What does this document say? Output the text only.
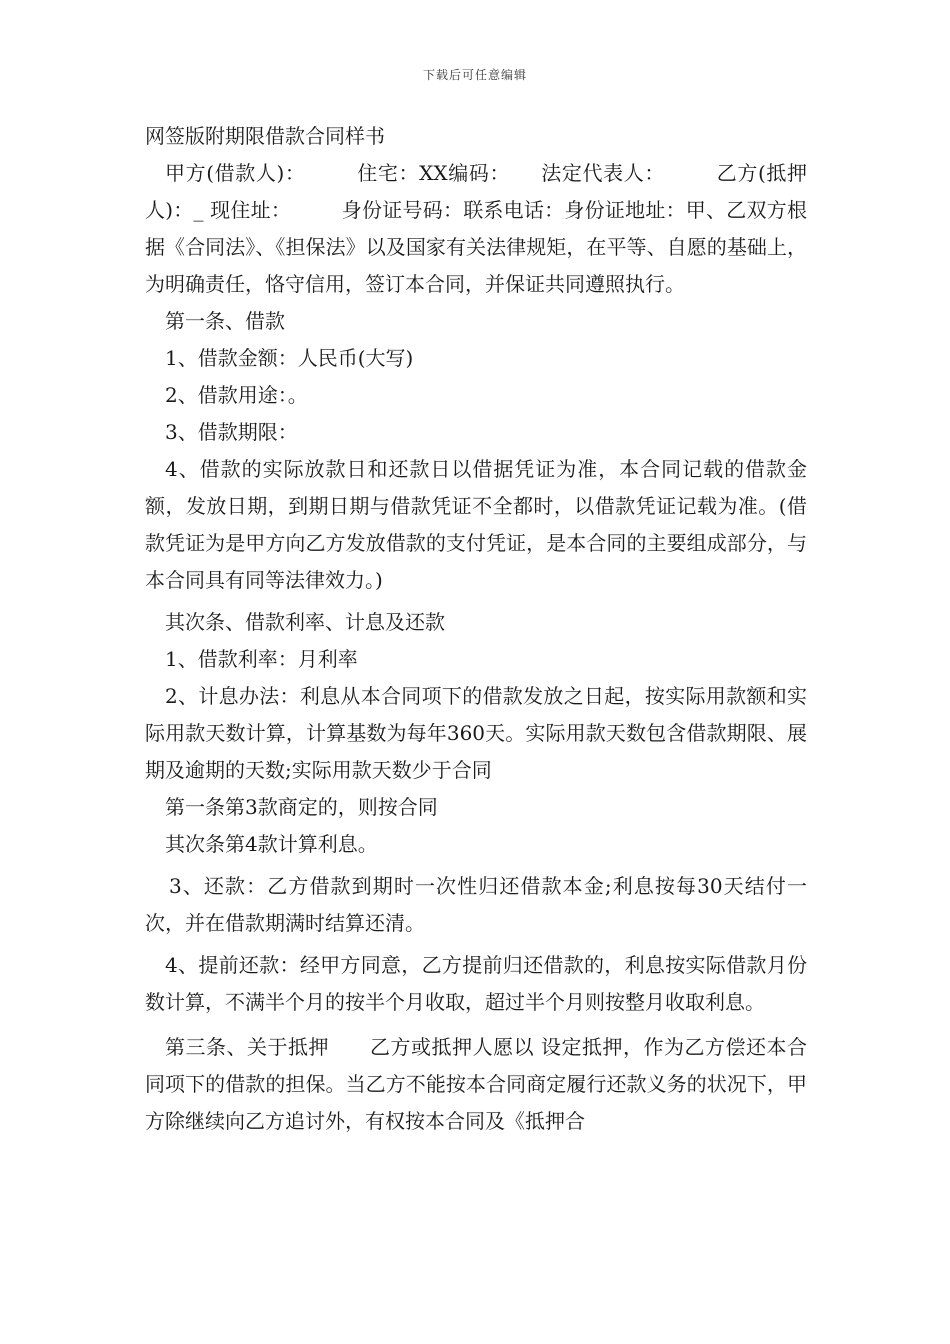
下载后可任意编辑
网签版附期限借款合同样书

甲方(借款人)：　　　住宅：XX编码：　　法定代表人：　　　乙方(抵押人)：_ 现住址：　　　身份证号码：联系电话：身份证地址：甲、乙双方根据《合同法》、《担保法》以及国家有关法律规矩，在平等、自愿的基础上，为明确责任，恪守信用，签订本合同，并保证共同遵照执行。

第一条、借款

1、借款金额：人民币(大写)

2、借款用途：。

3、借款期限：

4、借款的实际放款日和还款日以借据凭证为准，本合同记载的借款金额，发放日期，到期日期与借款凭证不全都时，以借款凭证记载为准。(借款凭证为是甲方向乙方发放借款的支付凭证，是本合同的主要组成部分，与本合同具有同等法律效力。)

其次条、借款利率、计息及还款

1、借款利率：月利率

2、计息办法：利息从本合同项下的借款发放之日起，按实际用款额和实际用款天数计算，计算基数为每年360天。实际用款天数包含借款期限、展期及逾期的天数;实际用款天数少于合同

第一条第3款商定的，则按合同

其次条第4款计算利息。

3、还款：乙方借款到期时一次性归还借款本金;利息按每30天结付一次，并在借款期满时结算还清。

4、提前还款：经甲方同意，乙方提前归还借款的，利息按实际借款月份数计算，不满半个月的按半个月收取，超过半个月则按整月收取利息。

第三条、关于抵押　　乙方或抵押人愿以 设定抵押，作为乙方偿还本合同项下的借款的担保。当乙方不能按本合同商定履行还款义务的状况下，甲方除继续向乙方追讨外，有权按本合同及《抵押合
